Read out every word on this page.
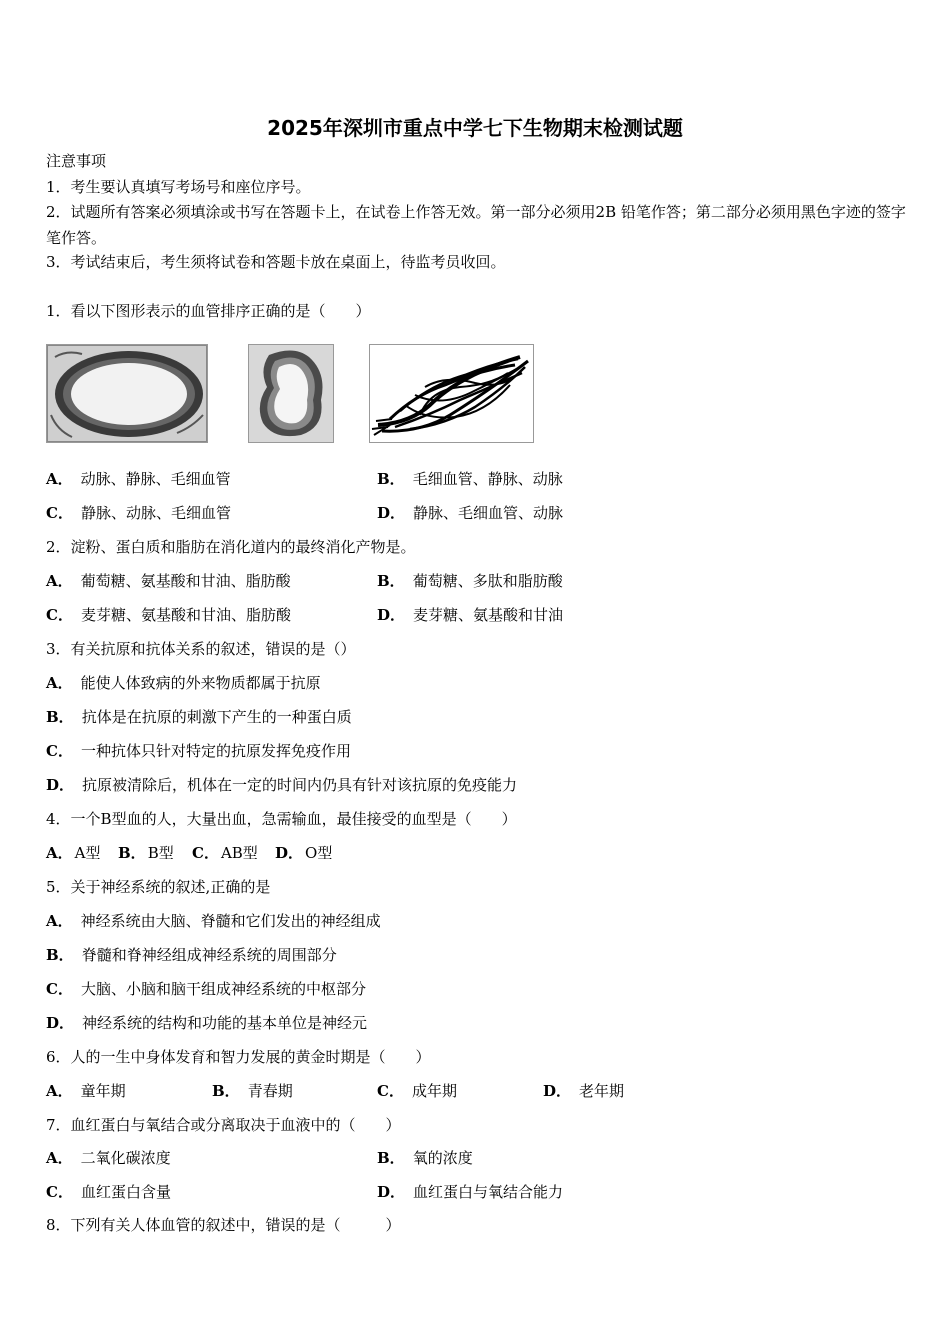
2025年深圳市重点中学七下生物期末检测试题
注意事项
1．考生要认真填写考场号和座位序号。
2．试题所有答案必须填涂或书写在答题卡上，在试卷上作答无效。第一部分必须用2B 铅笔作答；第二部分必须用黑色字迹的签字笔作答。
3．考试结束后，考生须将试卷和答题卡放在桌面上，待监考员收回。
1．看以下图形表示的血管排序正确的是（　　）
A． 动脉、静脉、毛细血管	B． 毛细血管、静脉、动脉
C． 静脉、动脉、毛细血管	D． 静脉、毛细血管、动脉
2．淀粉、蛋白质和脂肪在消化道内的最终消化产物是。
A． 葡萄糖、氨基酸和甘油、脂肪酸	B． 葡萄糖、多肽和脂肪酸
C． 麦芽糖、氨基酸和甘油、脂肪酸	D． 麦芽糖、氨基酸和甘油
3．有关抗原和抗体关系的叙述，错误的是（）
A． 能使人体致病的外来物质都属于抗原
B． 抗体是在抗原的刺激下产生的一种蛋白质
C． 一种抗体只针对特定的抗原发挥免疫作用
D． 抗原被清除后，机体在一定的时间内仍具有针对该抗原的免疫能力
4．一个B型血的人，大量出血，急需输血，最佳接受的血型是（　　）
A． A型 B． B型 C． AB型 D． O型
5．关于神经系统的叙述,正确的是
A． 神经系统由大脑、脊髓和它们发出的神经组成
B． 脊髓和脊神经组成神经系统的周围部分
C． 大脑、小脑和脑干组成神经系统的中枢部分
D． 神经系统的结构和功能的基本单位是神经元
6．人的一生中身体发育和智力发展的黄金时期是（　　）
A． 童年期	B． 青春期	C． 成年期	D． 老年期
7．血红蛋白与氧结合或分离取决于血液中的（　　）
A． 二氧化碳浓度	B． 氧的浓度
C． 血红蛋白含量	D． 血红蛋白与氧结合能力
8．下列有关人体血管的叙述中，错误的是（　　　）
